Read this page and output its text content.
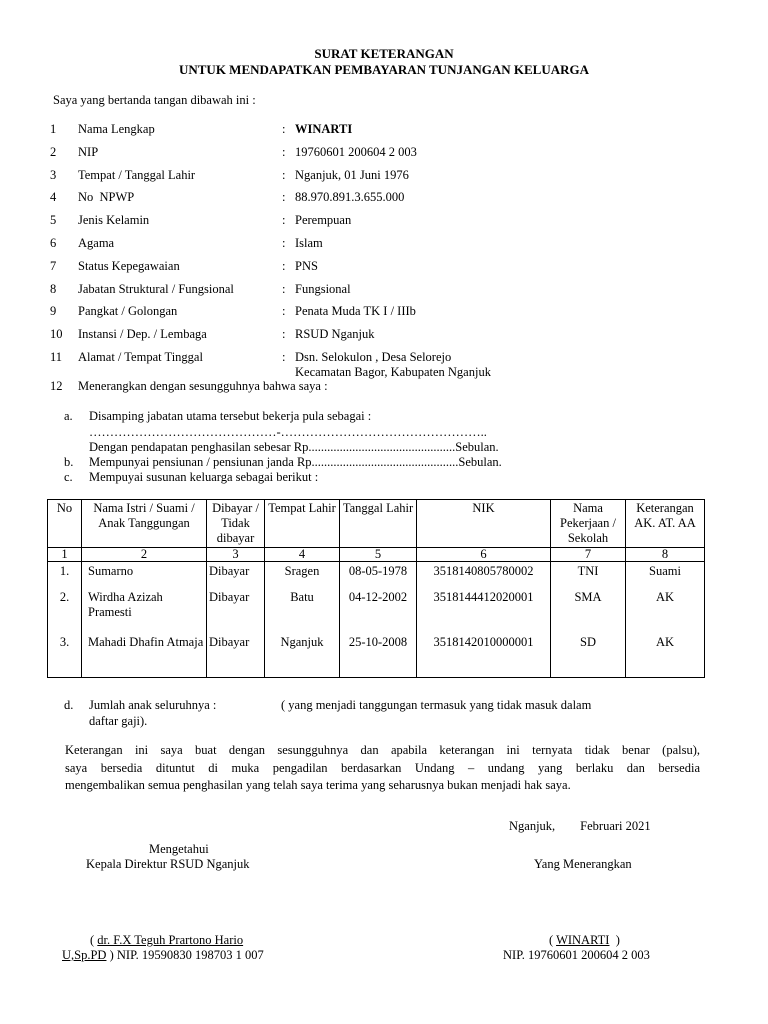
SURAT KETERANGAN
UNTUK MENDAPATKAN PEMBAYARAN TUNJANGAN KELUARGA
Saya yang bertanda tangan dibawah ini :
1 Nama Lengkap	: WINARTI
2 NIP	: 19760601 200604 2 003
3 Tempat / Tanggal Lahir	: Nganjuk, 01 Juni 1976
4 No  NPWP	: 88.970.891.3.655.000
5 Jenis Kelamin	: Perempuan
6 Agama	: Islam
7 Status Kepegawaian	: PNS
8 Jabatan Struktural / Fungsional	: Fungsional
9 Pangkat / Golongan	: Penata Muda TK I / IIIb
10 Instansi / Dep. / Lembaga	: RSUD Nganjuk
11 Alamat / Tempat Tinggal	: Dsn. Selokulon , Desa Selorejo
Kecamatan Bagor, Kabupaten Nganjuk
12 Menerangkan dengan sesungguhnya bahwa saya :
a. Disamping jabatan utama tersebut bekerja pula sebagai :
………………………………………-…………………………………………..
Dengan pendapatan penghasilan sebesar Rp...............................................Sebulan.
b. Mempunyai pensiunan / pensiunan janda Rp...............................................Sebulan.
c. Mempuyai susunan keluarga sebagai berikut :
No	Nama Istri / Suami / Anak Tanggungan	Dibayar / Tidak dibayar	Tempat Lahir	Tanggal Lahir	NIK	Nama Pekerjaan / Sekolah	Keterangan AK. AT. AA
1	2	3	4	5	6	7	8
1.	Sumarno	Dibayar	Sragen	08-05-1978	3518140805780002	TNI	Suami
2.	Wirdha Azizah Pramesti	Dibayar	Batu	04-12-2002	3518144412020001	SMA	AK
3.	Mahadi Dhafin Atmaja	Dibayar	Nganjuk	25-10-2008	3518142010000001	SD	AK
d. Jumlah anak seluruhnya :	( yang menjadi tanggungan termasuk yang tidak masuk dalam
daftar gaji).
Keterangan ini saya buat dengan sesungguhnya dan apabila keterangan ini ternyata tidak benar (palsu),
saya bersedia dituntut di muka pengadilan berdasarkan Undang – undang yang berlaku dan bersedia
mengembalikan semua penghasilan yang telah saya terima yang seharusnya bukan menjadi hak saya.
Nganjuk,        Februari 2021
Mengetahui
Kepala Direktur RSUD Nganjuk
( dr. F.X Teguh Prartono Hario
U,Sp.PD ) NIP. 19590830 198703 1 007
Yang Menerangkan
( WINARTI  )
NIP. 19760601 200604 2 003
